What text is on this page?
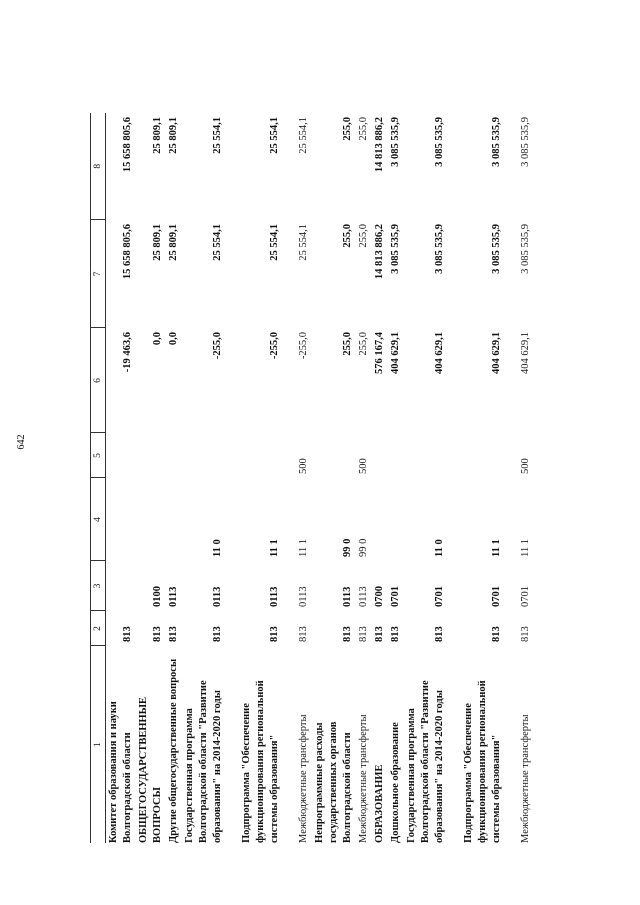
642
1	2	3	4	5	6	7	8
Комитет образования и науки Волгоградской области	813				-19 463,6	15 658 805,6	15 658 805,6
ОБЩЕГОСУДАРСТВЕННЫЕ ВОПРОСЫ	813	0100			0,0	25 809,1	25 809,1
Другие общегосударственные вопросы	813	0113			0,0	25 809,1	25 809,1
Государственная программа Волгоградской области "Развитие образования" на 2014-2020 годы	813	0113	11 0		-255,0	25 554,1	25 554,1
Подпрограмма "Обеспечение функционирования региональной системы образования"	813	0113	11 1		-255,0	25 554,1	25 554,1
Межбюджетные трансферты	813	0113	11 1	500	-255,0	25 554,1	25 554,1
Непрограммные расходы государственных органов Волгоградской области	813	0113	99 0		255,0	255,0	255,0
Межбюджетные трансферты	813	0113	99 0	500	255,0	255,0	255,0
ОБРАЗОВАНИЕ	813	0700			576 167,4	14 813 886,2	14 813 886,2
Дошкольное образование	813	0701			404 629,1	3 085 535,9	3 085 535,9
Государственная программа Волгоградской области "Развитие образования" на 2014-2020 годы	813	0701	11 0		404 629,1	3 085 535,9	3 085 535,9
Подпрограмма "Обеспечение функционирования региональной системы образования"	813	0701	11 1		404 629,1	3 085 535,9	3 085 535,9
Межбюджетные трансферты	813	0701	11 1	500	404 629,1	3 085 535,9	3 085 535,9
